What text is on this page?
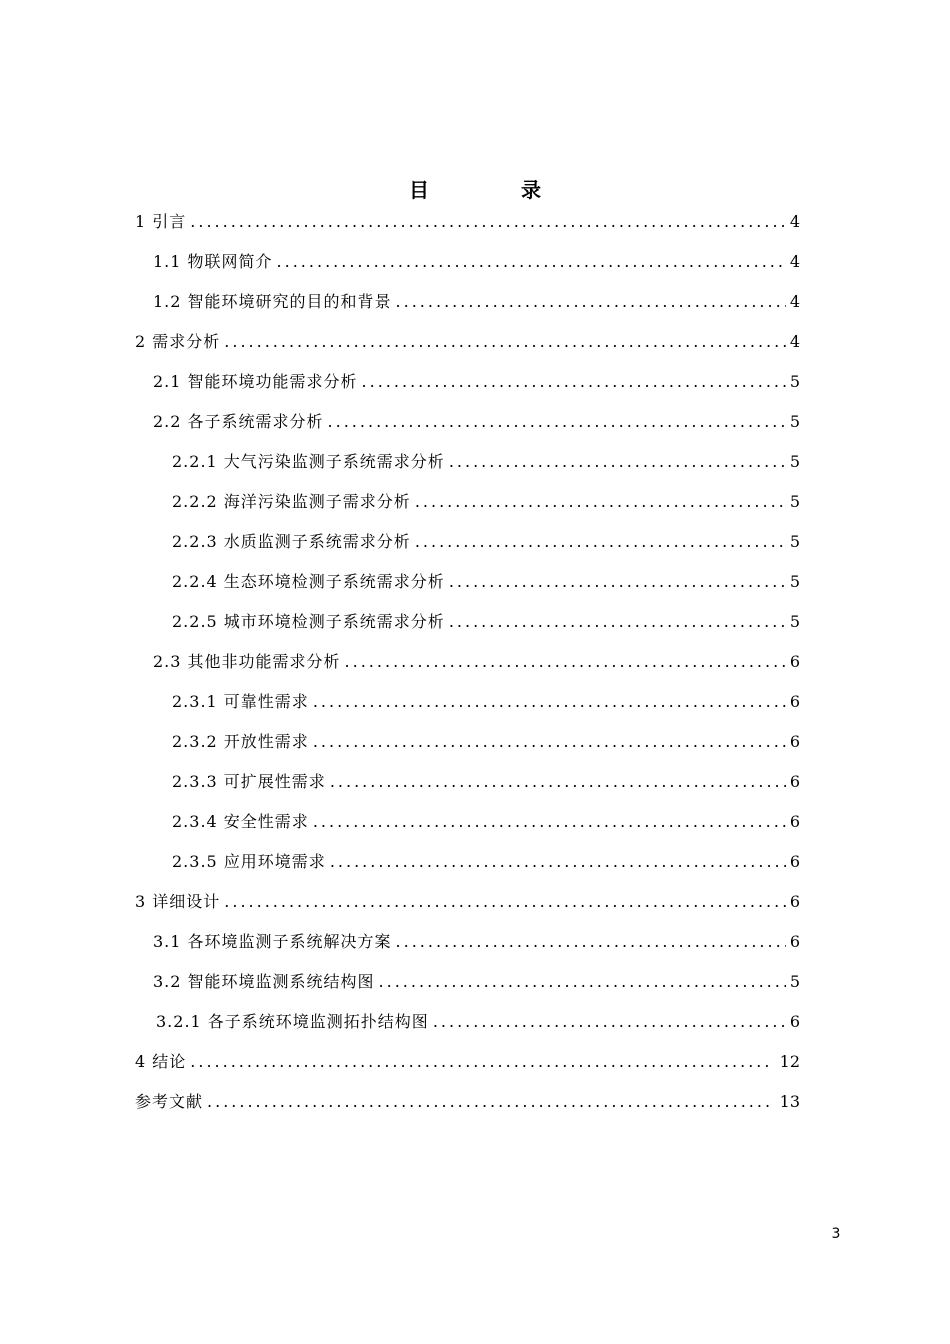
目　录
1 引言 .....	4
1.1 物联网简介 .....	4
1.2 智能环境研究的目的和背景 .....	4
2 需求分析 .....	4
2.1 智能环境功能需求分析 .....	5
2.2 各子系统需求分析 .....	5
2.2.1 大气污染监测子系统需求分析 .....	5
2.2.2 海洋污染监测子需求分析 .....	5
2.2.3 水质监测子系统需求分析 .....	5
2.2.4 生态环境检测子系统需求分析 .....	5
2.2.5 城市环境检测子系统需求分析 .....	5
2.3 其他非功能需求分析 .....	6
2.3.1 可靠性需求 .....	6
2.3.2 开放性需求 .....	6
2.3.3 可扩展性需求 .....	6
2.3.4 安全性需求 .....	6
2.3.5 应用环境需求 .....	6
3 详细设计 .....	6
3.1 各环境监测子系统解决方案 .....	6
3.2 智能环境监测系统结构图 .....	5
3.2.1 各子系统环境监测拓扑结构图 .....	6
4 结论 .....	12
参考文献 .....	13
3
